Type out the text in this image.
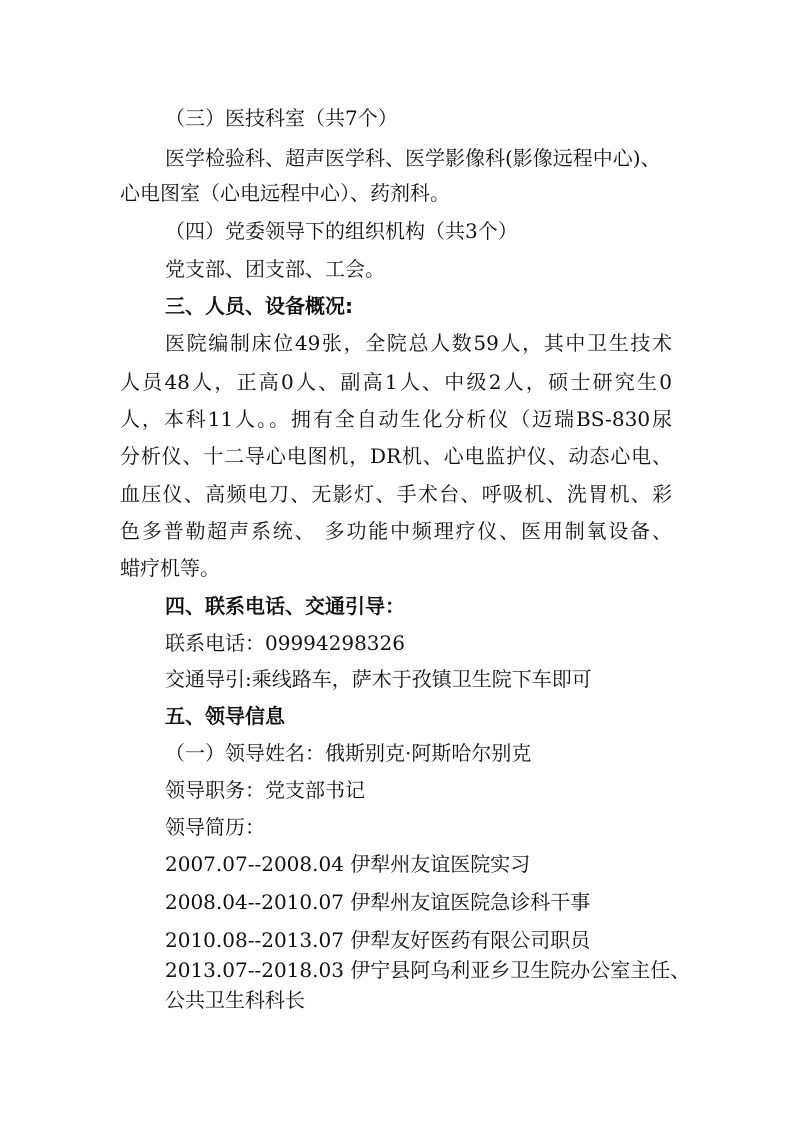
（三）医技科室（共7个）
医学检验科、超声医学科、医学影像科(影像远程中心)、
心电图室（心电远程中心）、药剂科。
（四）党委领导下的组织机构（共3个）
党支部、团支部、工会。
三、人员、设备概况:
医院编制床位49张，全院总人数59人，其中卫生技术
人员48人，正高0人、副高1人、中级2人，硕士研究生0
人，本科11人。。拥有全自动生化分析仪（迈瑞BS-830尿
分析仪、十二导心电图机，DR机、心电监护仪、动态心电、
血压仪、高频电刀、无影灯、手术台、呼吸机、洗胃机、彩
色多普勒超声系统、 多功能中频理疗仪、医用制氧设备、
蜡疗机等。
四、联系电话、交通引导：
联系电话：09994298326
交通导引:乘线路车，萨木于孜镇卫生院下车即可
五、领导信息
（一）领导姓名：俄斯别克·阿斯哈尔别克
领导职务：党支部书记
领导简历：
2007.07--2008.04 伊犁州友谊医院实习
2008.04--2010.07 伊犁州友谊医院急诊科干事
2010.08--2013.07 伊犁友好医药有限公司职员
2013.07--2018.03 伊宁县阿乌利亚乡卫生院办公室主任、
公共卫生科科长
